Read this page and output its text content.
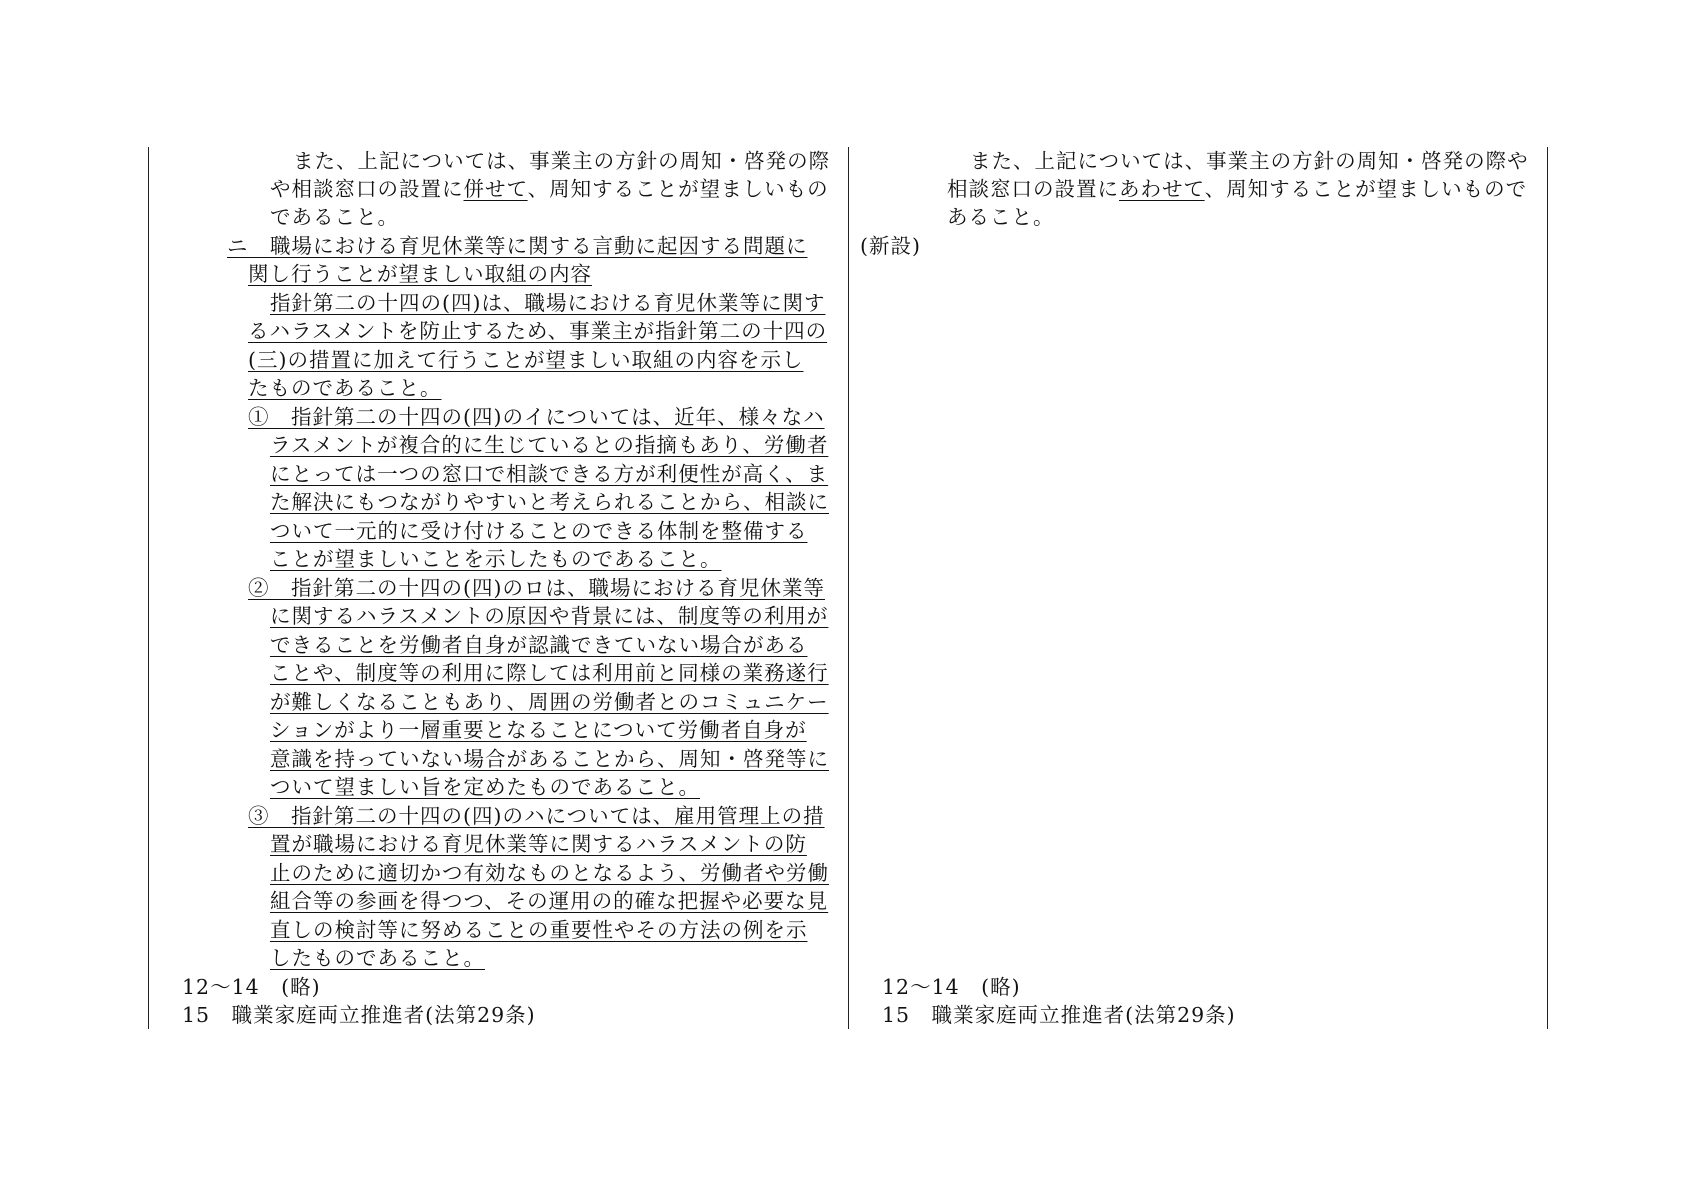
また、上記については、事業主の方針の周知・啓発の際
や相談窓口の設置に併せて、周知することが望ましいもの
であること。
ニ　職場における育児休業等に関する言動に起因する問題に
関し行うことが望ましい取組の内容
指針第二の十四の(四)は、職場における育児休業等に関す
るハラスメントを防止するため、事業主が指針第二の十四の
(三)の措置に加えて行うことが望ましい取組の内容を示し
たものであること。
①　指針第二の十四の(四)のイについては、近年、様々なハ
ラスメントが複合的に生じているとの指摘もあり、労働者
にとっては一つの窓口で相談できる方が利便性が高く、ま
た解決にもつながりやすいと考えられることから、相談に
ついて一元的に受け付けることのできる体制を整備する
ことが望ましいことを示したものであること。
②　指針第二の十四の(四)のロは、職場における育児休業等
に関するハラスメントの原因や背景には、制度等の利用が
できることを労働者自身が認識できていない場合がある
ことや、制度等の利用に際しては利用前と同様の業務遂行
が難しくなることもあり、周囲の労働者とのコミュニケー
ションがより一層重要となることについて労働者自身が
意識を持っていない場合があることから、周知・啓発等に
ついて望ましい旨を定めたものであること。
③　指針第二の十四の(四)のハについては、雇用管理上の措
置が職場における育児休業等に関するハラスメントの防
止のために適切かつ有効なものとなるよう、労働者や労働
組合等の参画を得つつ、その運用の的確な把握や必要な見
直しの検討等に努めることの重要性やその方法の例を示
したものであること。
12～14　(略)
15　職業家庭両立推進者(法第29条)
また、上記については、事業主の方針の周知・啓発の際や
相談窓口の設置にあわせて、周知することが望ましいもので
あること。
(新設)
12～14　(略)
15　職業家庭両立推進者(法第29条)
